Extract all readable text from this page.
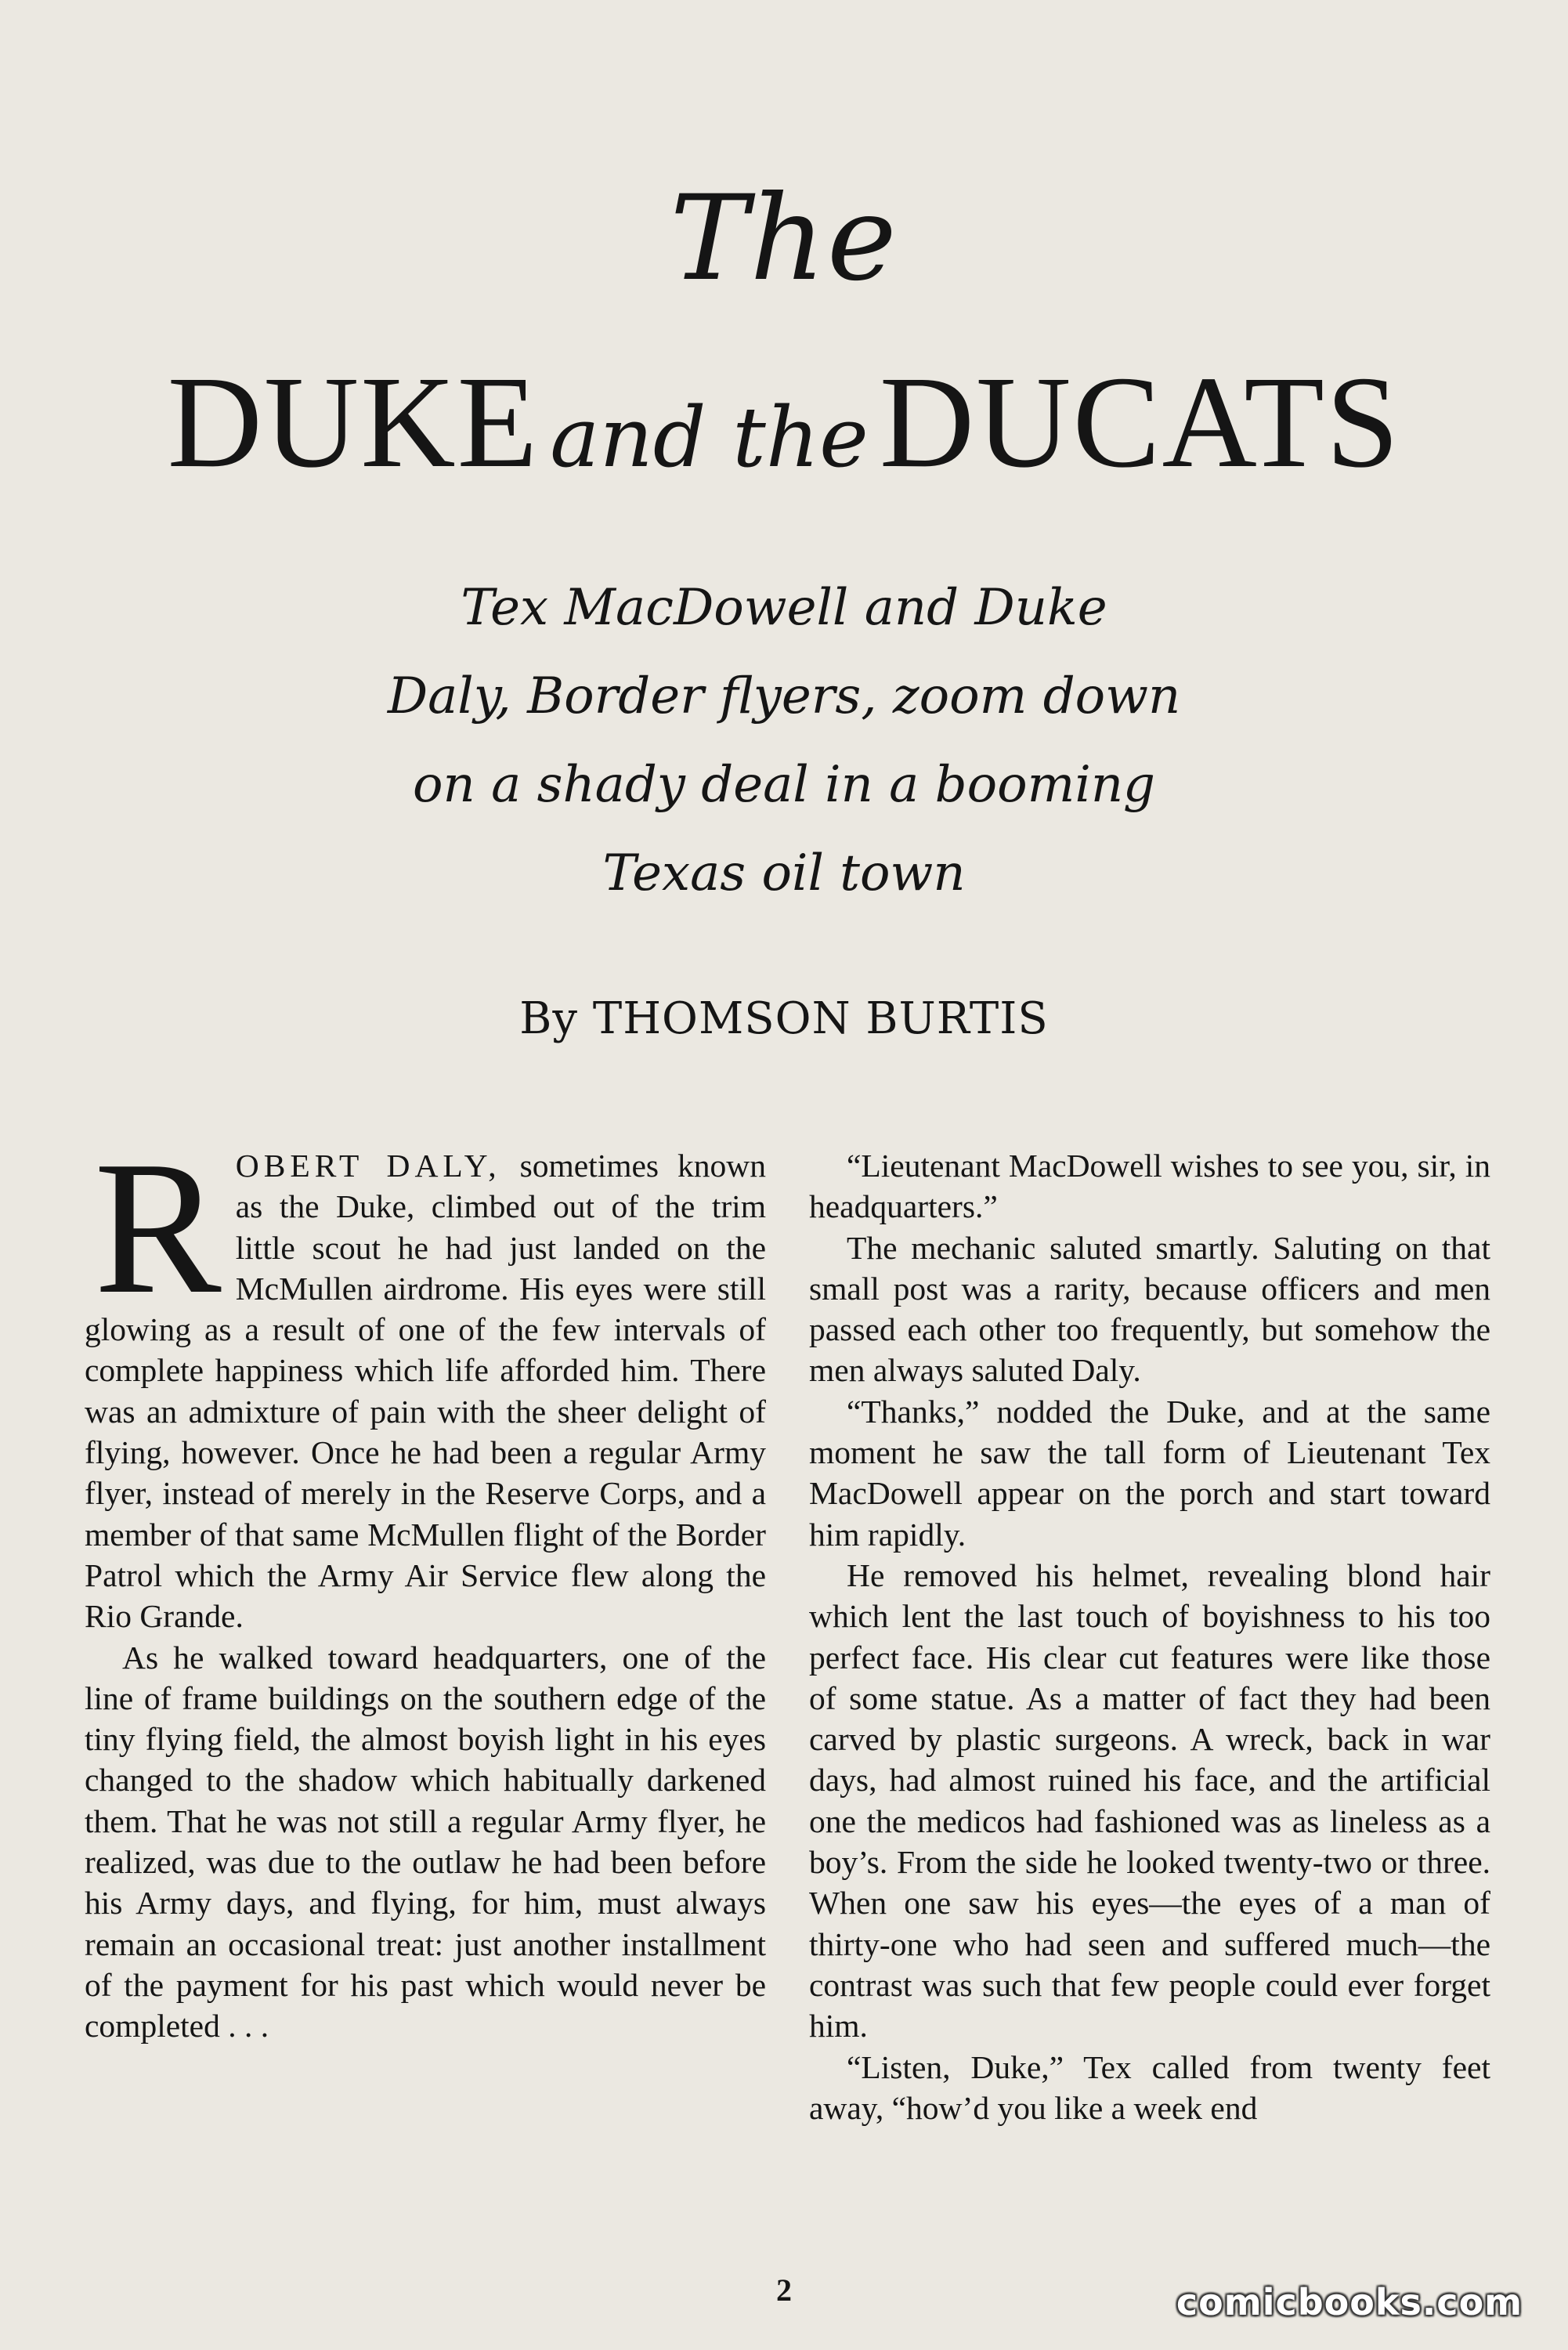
The
DUKE and theDUCATS
Tex MacDowell and Duke
Daly, Border flyers, zoom down
on a shady deal in a booming
Texas oil town
By THOMSON BURTIS

ROBERT DALY, sometimes known as the Duke, climbed out of the trim little scout he had just landed on the McMullen airdrome. His eyes were still glowing as a result of one of the few intervals of complete happiness which life afforded him. There was an admixture of pain with the sheer delight of flying, however. Once he had been a regular Army flyer, instead of merely in the Reserve Corps, and a member of that same McMullen flight of the Border Patrol which the Army Air Service flew along the Rio Grande.

As he walked toward headquarters, one of the line of frame buildings on the southern edge of the tiny flying field, the almost boyish light in his eyes changed to the shadow which habitually darkened them. That he was not still a regular Army flyer, he realized, was due to the outlaw he had been before his Army days, and flying, for him, must always remain an occasional treat: just another installment of the payment for his past which would never be completed . . .

“Lieutenant MacDowell wishes to see you, sir, in headquarters.”

The mechanic saluted smartly. Saluting on that small post was a rarity, because officers and men passed each other too frequently, but somehow the men always saluted Daly.

“Thanks,” nodded the Duke, and at the same moment he saw the tall form of Lieutenant Tex MacDowell appear on the porch and start toward him rapidly.

He removed his helmet, revealing blond hair which lent the last touch of boyishness to his too perfect face. His clear cut features were like those of some statue. As a matter of fact they had been carved by plastic surgeons. A wreck, back in war days, had almost ruined his face, and the artificial one the medicos had fashioned was as lineless as a boy’s. From the side he looked twenty-two or three. When one saw his eyes—the eyes of a man of thirty-one who had seen and suffered much—the contrast was such that few people could ever forget him.

“Listen, Duke,” Tex called from twenty feet away, “how’d you like a week end

2	comicbooks.com
